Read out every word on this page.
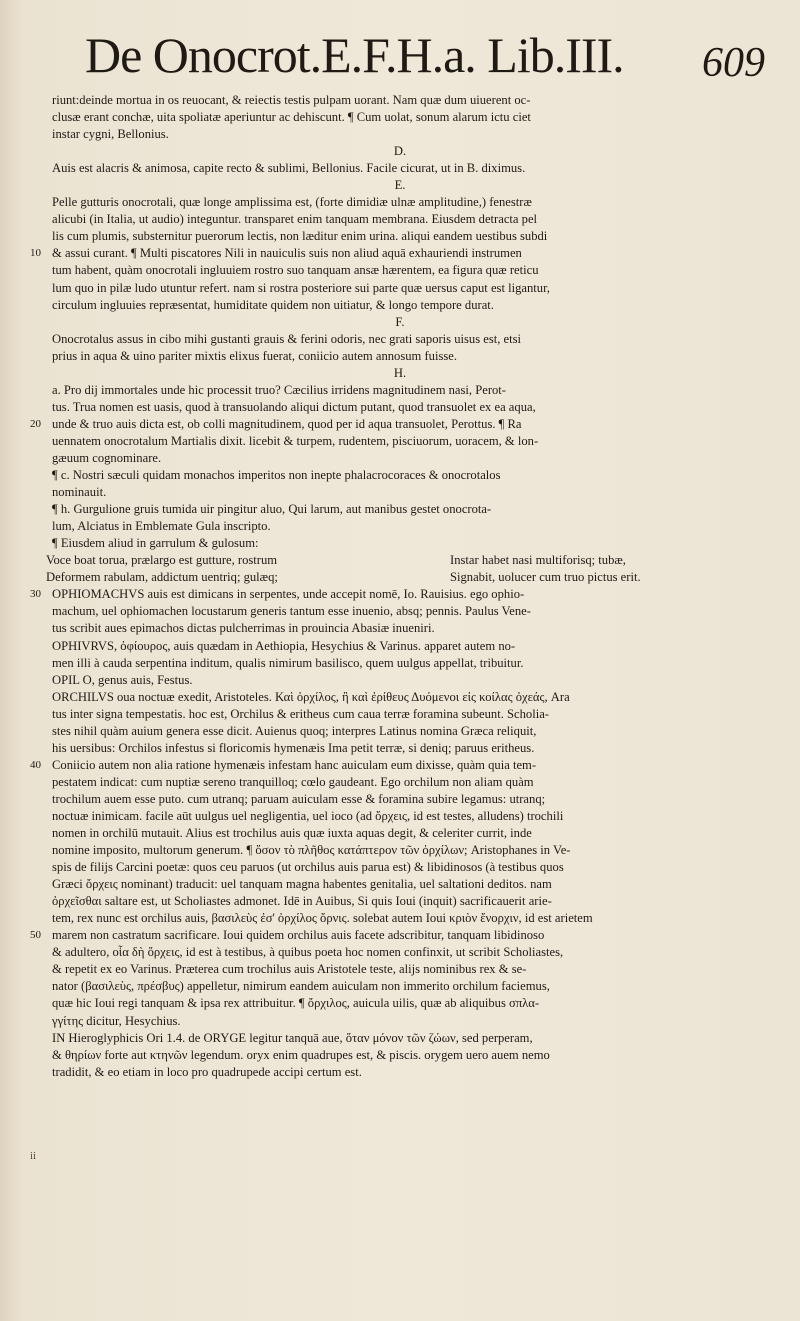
De Onocrot.E.F.H.a. Lib.III. 609
riunt:deinde mortua in os reuocant, & reiectis testis pulpam uorant. Nam quæ dum uiuerent oc-
clusæ erant conchæ, uita spoliatæ aperiuntur ac dehiscunt. ¶ Cum uolat, sonum alarum ictu ciet
instar cygni, Bellonius.
D.
Auis est alacris & animosa, capite recto & sublimi, Bellonius. Facile cicurat, ut in B. diximus.
E.
Pelle gutturis onocrotali, quæ longe amplissima est, (forte dimidiæ ulnæ amplitudine,) fenestræ
alicubi (in Italia, ut audio) integuntur. transparet enim tanquam membrana. Eiusdem detracta pel
lis cum plumis, substernitur puerorum lectis, non læditur enim urina. aliqui eandem uestibus subdi
10 & assui curant. ¶ Multi piscatores Nili in nauiculis suis non aliud aquā exhauriendi instrumen
tum habent, quàm onocrotali ingluuiem rostro suo tanquam ansæ hærentem, ea figura quæ reticu
lum quo in pilæ ludo utuntur refert. nam si rostra posteriore sui parte quæ uersus caput est ligantur,
circulum ingluuies repræsentat, humiditate quidem non uitiatur, & longo tempore durat.
F.
Onocrotalus assus in cibo mihi gustanti grauis & ferini odoris, nec grati saporis uisus est, etsi
prius in aqua & uino pariter mixtis elixus fuerat, coniicio autem annosum fuisse.
H.
a. Pro dij immortales unde hic processit truo? Cæcilius irridens magnitudinem nasi, Perot-
tus. Trua nomen est uasis, quod à transuolando aliqui dictum putant, quod transuolet ex ea aqua,
20 unde & truo auis dicta est, ob colli magnitudinem, quod per id aqua transuolet, Perottus. ¶ Ra
uennatem onocrotalum Martialis dixit. licebit & turpem, rudentem, pisciuorum, uoracem, & lon-
gæuum cognominare.
¶ c. Nostri sæculi quidam monachos imperitos non inepte phalacrocoraces & onocrotalos
nominauit.
¶ h. Gurgulione gruis tumida uir pingitur aluo, Qui larum, aut manibus gestet onocrota-
lum, Alciatus in Emblemate Gula inscripto.
¶ Eiusdem aliud in garrulum & gulosum:
Voce boat torua, prælargo est gutture, rostrum	Instar habet nasi multiforisq; tubæ,
Deformem rabulam, addictum uentriq; gulæq;	Signabit, uolucer cum truo pictus erit.
30 OPHIOMACHVS auis est dimicans in serpentes, unde accepit nomē, Io. Rauisius. ego ophio-
machum, uel ophiomachen locustarum generis tantum esse inuenio, absq; pennis. Paulus Vene-
tus scribit aues epimachos dictas pulcherrimas in prouincia Abasiæ inueniri.
OPHIVRVS, ὀφίουρος, auis quædam in Aethiopia, Hesychius & Varinus. apparet autem no-
men illi à cauda serpentina inditum, qualis nimirum basilisco, quem uulgus appellat, tribuitur.
OPIL O, genus auis, Festus.
ORCHILVS oua noctuæ exedit, Aristoteles. Καὶ ὀρχίλος, ἢ καὶ ἐρίθευς Δυόμενοι εἰς κοίλας ὀχεάς, Ara
tus inter signa tempestatis. hoc est, Orchilus & eritheus cum caua terræ foramina subeunt. Scholia-
stes nihil quàm auium genera esse dicit. Auienus quoq; interpres Latinus nomina Græca reliquit,
his uersibus: Orchilos infestus si floricomis hymenæis Ima petit terræ, si deniq; paruus eritheus.
40 Coniicio autem non alia ratione hymenæis infestam hanc auiculam eum dixisse, quàm quia tem-
pestatem indicat: cum nuptiæ sereno tranquilloq; cœlo gaudeant. Ego orchilum non aliam quàm
trochilum auem esse puto. cum utranq; paruam auiculam esse & foramina subire legamus: utranq;
noctuæ inimicam. facile aūt uulgus uel negligentia, uel ioco (ad ὄρχεις, id est testes, alludens) trochili
nomen in orchilū mutauit. Alius est trochilus auis quæ iuxta aquas degit, & celeriter currit, inde
nomine imposito, multorum generum. ¶ ὅσον τὸ πλῆθος κατάπτερον τῶν ὀρχίλων; Aristophanes in Ve-
spis de filijs Carcini poetæ: quos ceu paruos (ut orchilus auis parua est) & libidinosos (à testibus quos
Græci ὄρχεις nominant) traducit: uel tanquam magna habentes genitalia, uel saltationi deditos. nam
ὀρχεῖσθαι saltare est, ut Scholiastes admonet. Idē in Auibus, Si quis Ioui (inquit) sacrificauerit arie-
tem, rex nunc est orchilus auis, βασιλεὺς ἐσ' ὀρχίλος ὄρνις. solebat autem Ioui κριὸν ἔνορχιν, id est arietem
50 marem non castratum sacrificare. Ioui quidem orchilus auis facete adscribitur, tanquam libidinoso
& adultero, οἷα δὴ ὄρχεις, id est à testibus, à quibus poeta hoc nomen confinxit, ut scribit Scholiastes,
& repetit ex eo Varinus. Præterea cum trochilus auis Aristotele teste, alijs nominibus rex & se-
nator (βασιλεὺς, πρέσβυς) appelletur, nimirum eandem auiculam non immerito orchilum faciemus,
quæ hic Ioui regi tanquam & ipsa rex attribuitur. ¶ ὄρχιλος, auicula uilis, quæ ab aliquibus σπλα-
γγίτης dicitur, Hesychius.
IN Hieroglyphicis Ori 1.4. de ORYGE legitur tanquā aue, ὅταν μόνον τῶν ζώων, sed perperam,
& θηρίων forte aut κτηνῶν legendum. oryx enim quadrupes est, & piscis. orygem uero auem nemo
tradidit, & eo etiam in loco pro quadrupede accipi certum est.
ii
